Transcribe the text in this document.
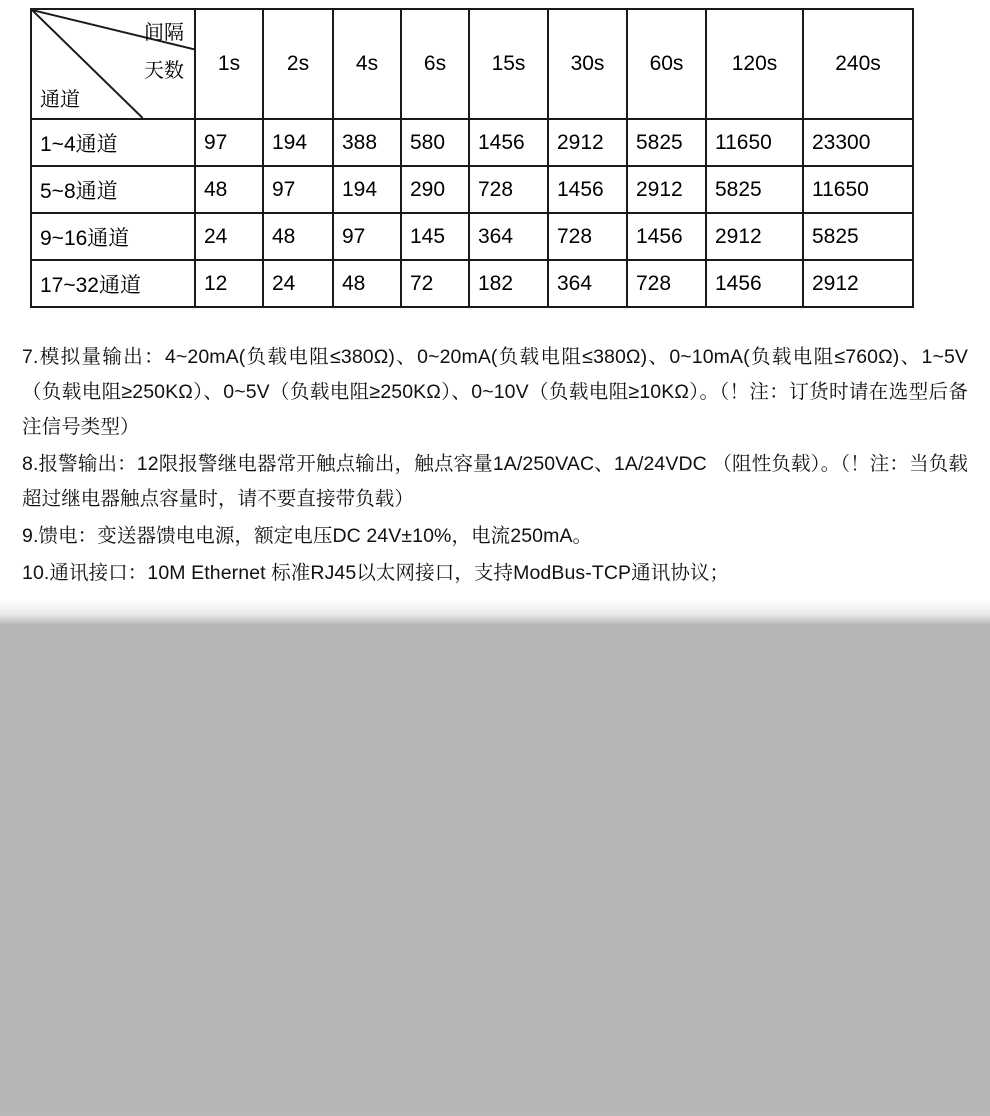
间隔
天数
通道	1s	2s	4s	6s	15s	30s	60s	120s	240s
1~4通道	97	194	388	580	1456	2912	5825	11650	23300
5~8通道	48	97	194	290	728	1456	2912	5825	11650
9~16通道	24	48	97	145	364	728	1456	2912	5825
17~32通道	12	24	48	72	182	364	728	1456	2912

7.模拟量输出：4~20mA(负载电阻≤380Ω)、0~20mA(负载电阻≤380Ω)、0~10mA(负载电阻≤760Ω)、1~5V（负载电阻≥250KΩ）、0~5V（负载电阻≥250KΩ）、0~10V（负载电阻≥10KΩ）。（！注：订货时请在选型后备注信号类型）

8.报警输出：12限报警继电器常开触点输出，触点容量1A/250VAC、1A/24VDC （阻性负载）。（！注：当负载超过继电器触点容量时，请不要直接带负载）

9.馈电：变送器馈电电源，额定电压DC 24V±10%，电流250mA。

10.通讯接口：10M Ethernet 标准RJ45以太网接口，支持ModBus-TCP通讯协议；
